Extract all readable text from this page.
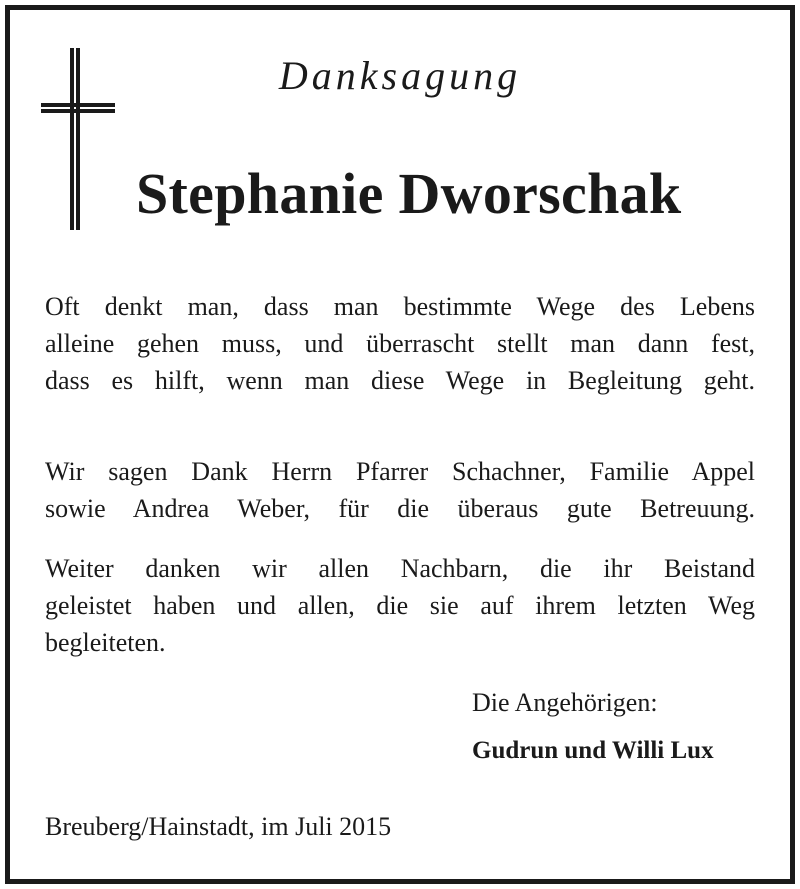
Danksagung
Stephanie Dworschak
Oft denkt man, dass man bestimmte Wege des Lebens
alleine gehen muss, und überrascht stellt man dann fest,
dass es hilft, wenn man diese Wege in Begleitung geht.
Wir sagen Dank Herrn Pfarrer Schachner, Familie Appel
sowie Andrea Weber, für die überaus gute Betreuung.
Weiter danken wir allen Nachbarn, die ihr Beistand
geleistet haben und allen, die sie auf ihrem letzten Weg
begleiteten.
Die Angehörigen:
Gudrun und Willi Lux
Breuberg/Hainstadt, im Juli 2015
